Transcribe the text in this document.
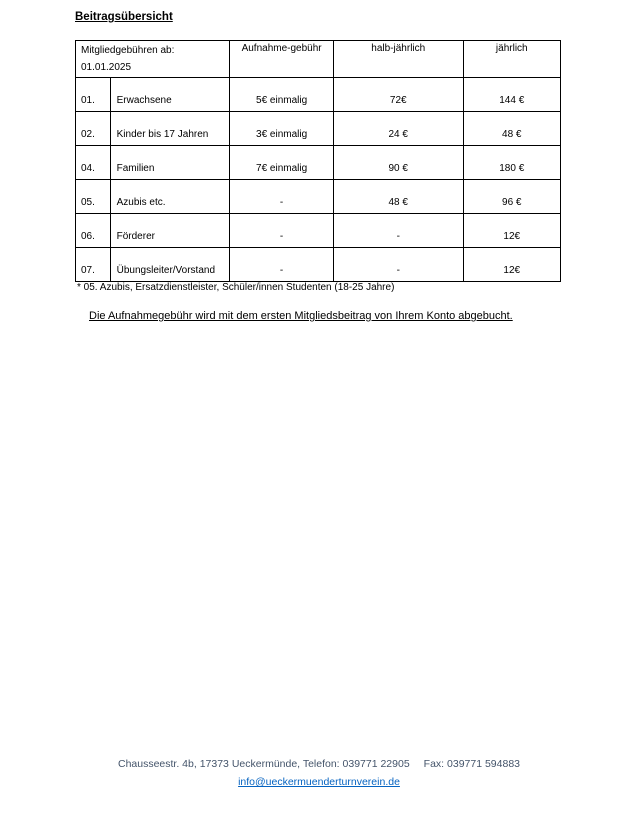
Beitragsübersicht
Mitgliedgebühren ab:
01.01.2025		Aufnahme-gebühr	halb-jährlich	jährlich
01.	Erwachsene	5€ einmalig	72€	144 €
02.	Kinder bis 17 Jahren	3€ einmalig	24 €	48 €
04.	Familien	7€ einmalig	90 €	180 €
05.	Azubis etc.	-	48 €	96 €
06.	Förderer	-	-	12€
07.	Übungsleiter/Vorstand	-	-	12€
* 05. Azubis, Ersatzdienstleister, Schüler/innen Studenten (18-25 Jahre)
Die Aufnahmegebühr wird mit dem ersten Mitgliedsbeitrag von Ihrem Konto abgebucht.
Chausseestr. 4b, 17373 Ueckermünde, Telefon: 039771 22905 Fax: 039771 594883
info@ueckermuenderturnverein.de
